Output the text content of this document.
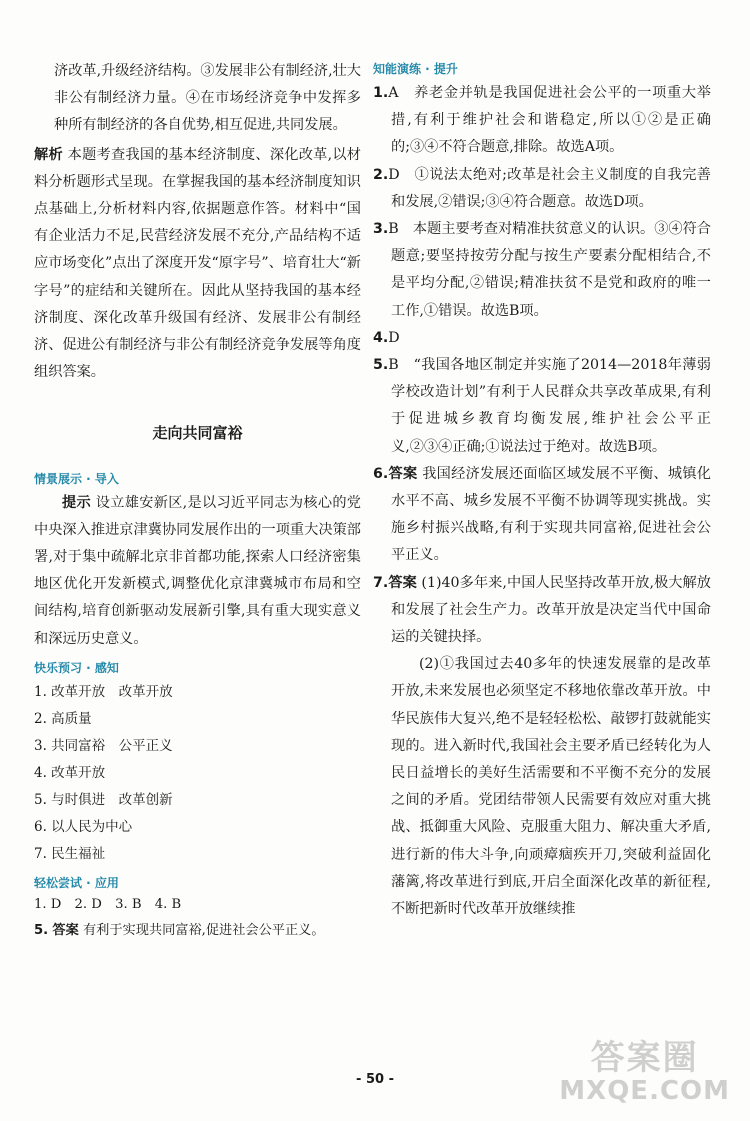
济改革,升级经济结构。③发展非公有制经济,壮大非公有制经济力量。④在市场经济竞争中发挥多种所有制经济的各自优势,相互促进,共同发展。

解析 本题考查我国的基本经济制度、深化改革,以材料分析题形式呈现。在掌握我国的基本经济制度知识点基础上,分析材料内容,依据题意作答。材料中“国有企业活力不足,民营经济发展不充分,产品结构不适应市场变化”点出了深度开发“原字号”、培育壮大“新字号”的症结和关键所在。因此从坚持我国的基本经济制度、深化改革升级国有经济、发展非公有制经济、促进公有制经济与非公有制经济竞争发展等角度组织答案。

走向共同富裕
情景展示 · 导入

提示 设立雄安新区,是以习近平同志为核心的党中央深入推进京津冀协同发展作出的一项重大决策部署,对于集中疏解北京非首都功能,探索人口经济密集地区优化开发新模式,调整优化京津冀城市布局和空间结构,培育创新驱动发展新引擎,具有重大现实意义和深远历史意义。

快乐预习 · 感知

1. 改革开放　改革开放

2. 高质量

3. 共同富裕　公平正义

4. 改革开放

5. 与时俱进　改革创新

6. 以人民为中心

7. 民生福祉

轻松尝试 · 应用

1. D　2. D　3. B　4. B

5. 答案 有利于实现共同富裕,促进社会公平正义。

知能演练 · 提升

1.A　养老金并轨是我国促进社会公平的一项重大举措,有利于维护社会和谐稳定,所以①②是正确的;③④不符合题意,排除。故选A项。

2.D　①说法太绝对;改革是社会主义制度的自我完善和发展,②错误;③④符合题意。故选D项。

3.B　本题主要考查对精准扶贫意义的认识。③④符合题意;要坚持按劳分配与按生产要素分配相结合,不是平均分配,②错误;精准扶贫不是党和政府的唯一工作,①错误。故选B项。

4.D

5.B　“我国各地区制定并实施了2014—2018年薄弱学校改造计划”有利于人民群众共享改革成果,有利于促进城乡教育均衡发展,维护社会公平正义,②③④正确;①说法过于绝对。故选B项。

6.答案 我国经济发展还面临区域发展不平衡、城镇化水平不高、城乡发展不平衡不协调等现实挑战。实施乡村振兴战略,有利于实现共同富裕,促进社会公平正义。

7.答案 (1)40多年来,中国人民坚持改革开放,极大解放和发展了社会生产力。改革开放是决定当代中国命运的关键抉择。

(2)①我国过去40多年的快速发展靠的是改革开放,未来发展也必须坚定不移地依靠改革开放。中华民族伟大复兴,绝不是轻轻松松、敲锣打鼓就能实现的。进入新时代,我国社会主要矛盾已经转化为人民日益增长的美好生活需要和不平衡不充分的发展之间的矛盾。党团结带领人民需要有效应对重大挑战、抵御重大风险、克服重大阻力、解决重大矛盾,进行新的伟大斗争,向顽瘴痼疾开刀,突破利益固化藩篱,将改革进行到底,开启全面深化改革的新征程,不断把新时代改革开放继续推

- 50 -
答案圈
MXQE.COM
